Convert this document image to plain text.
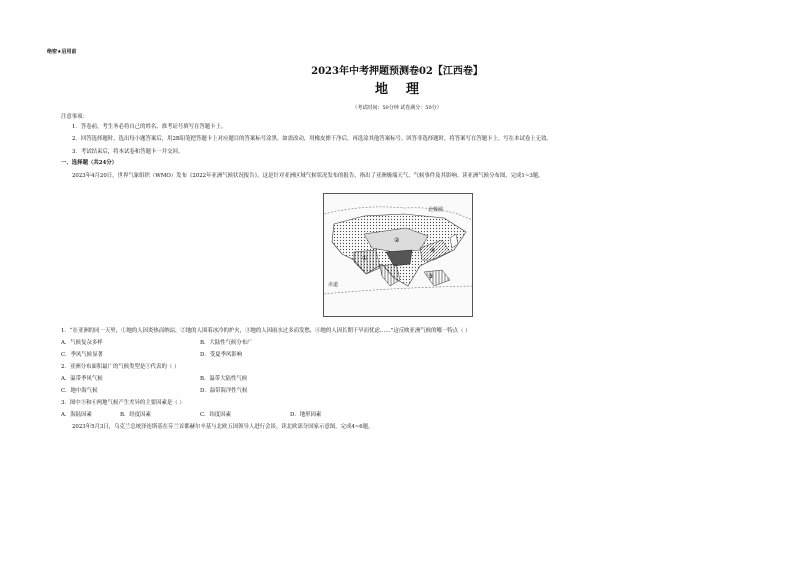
绝密★启用前
2023年中考押题预测卷02【江西卷】
地理
（考试时间：50分钟 试卷满分：50分）
注意事项：
1．答卷前，考生务必将自己的姓名、准考证号填写在答题卡上。
2．回答选择题时，选出每小题答案后，用2B铅笔把答题卡上对应题目的答案标号涂黑。如需改动，用橡皮擦干净后，再选涂其他答案标号。回答非选择题时，将答案写在答题卡上。写在本试卷上无效。
3．考试结束后，将本试卷和答题卡一并交回。
一、选择题（共24分）
2023年4月20日，世界气象组织（WMO）发布《2022年亚洲气候状况报告》。这是针对亚洲区域气候状况发布的报告，指出了亚洲极端天气、气候事件及其影响。读亚洲气候分布图，完成1~3题。
北极圈
赤道
①
②
③
④
1．“在亚洲的同一天里，①地的人因炎热而纳凉，②地的人围着冰冷的炉火，③地的人因雨水过多而发愁，④地的人因长期干旱而忧虑……”这反映亚洲气候的哪一特点（ ）
A．气候复杂多样	B．大陆性气候分布广
C．季风气候显著	D．受夏季风影响
2．亚洲分布面积最广的气候类型是⑤代表的（ ）
A．温带季风气候	B．温带大陆性气候
C．地中海气候	D．温带海洋性气候
3．图中③和⑥两地气候产生差异的主要因素是（ ）
A．海陆因素	B．经度因素	C．纬度因素	D．地形因素
2023年5月3日，乌克兰总统泽连斯基在芬兰首都赫尔辛基与北欧五国领导人进行会谈。读北欧部分国家示意图，完成4~6题。
